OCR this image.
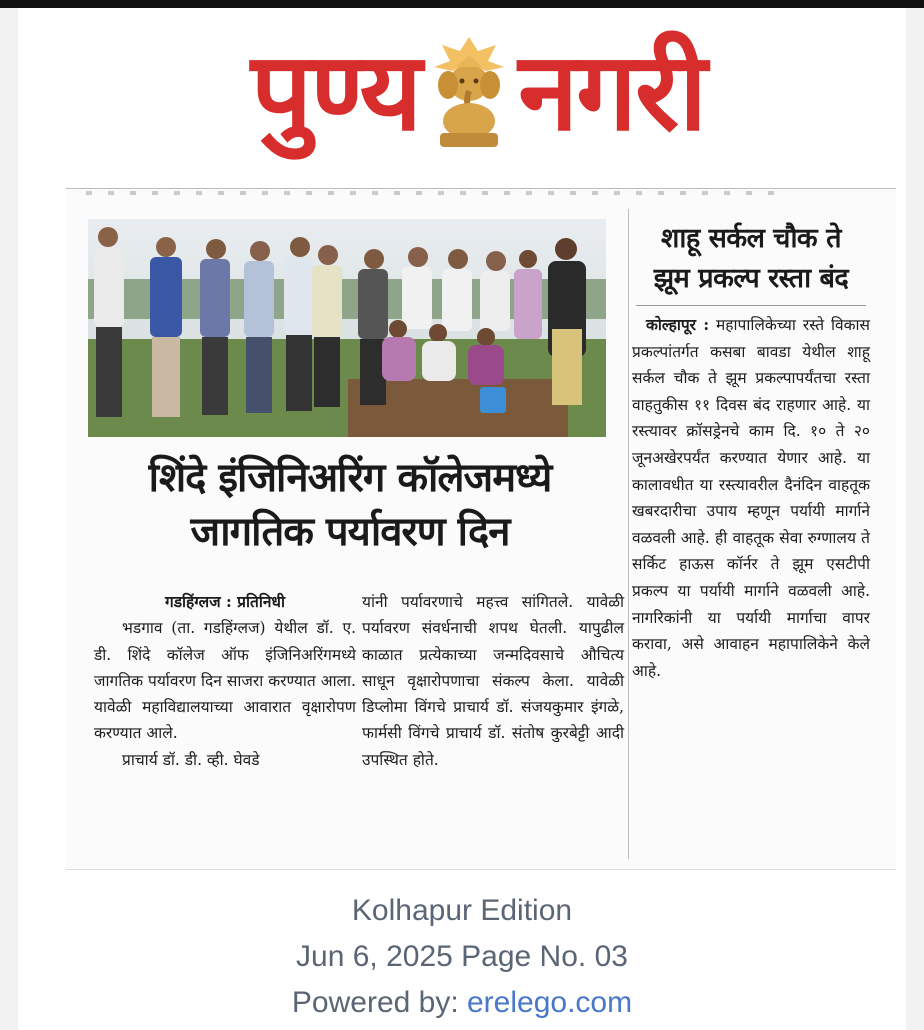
पुण्य नगरी
शिंदे इंजिनिअरिंग कॉलेजमध्ये
जागतिक पर्यावरण दिन
गडहिंग्लज : प्रतिनिधी
भडगाव (ता. गडहिंग्लज) येथील डॉ. ए. डी. शिंदे कॉलेज ऑफ इंजिनिअरिंगमध्ये जागतिक पर्यावरण दिन साजरा करण्यात आला. यावेळी महाविद्यालयाच्या आवारात वृक्षारोपण करण्यात आले.
प्राचार्य डॉ. डी. व्ही. घेवडे
यांनी पर्यावरणाचे महत्त्व सांगितले. यावेळी पर्यावरण संवर्धनाची शपथ घेतली. यापुढील काळात प्रत्येकाच्या जन्मदिवसाचे औचित्य साधून वृक्षारोपणाचा संकल्प केला. यावेळी डिप्लोमा विंगचे प्राचार्य डॉ. संजयकुमार इंगळे, फार्मसी विंगचे प्राचार्य डॉ. संतोष कुरबेट्टी आदी उपस्थित होते.
शाहू सर्कल चौक ते
झूम प्रकल्प रस्ता बंद
कोल्हापूर : महापालिकेच्या रस्ते विकास प्रकल्पांतर्गत कसबा बावडा येथील शाहू सर्कल चौक ते झूम प्रकल्पापर्यंतचा रस्ता वाहतुकीस ११ दिवस बंद राहणार आहे. या रस्त्यावर क्रॉसड्रेनचे काम दि. १० ते २० जूनअखेरपर्यंत करण्यात येणार आहे. या कालावधीत या रस्त्यावरील दैनंदिन वाहतूक खबरदारीचा उपाय म्हणून पर्यायी मार्गाने वळवली आहे. ही वाहतूक सेवा रुग्णालय ते सर्किट हाऊस कॉर्नर ते झूम एसटीपी प्रकल्प या पर्यायी मार्गाने वळवली आहे. नागरिकांनी या पर्यायी मार्गाचा वापर करावा, असे आवाहन महापालिकेने केले आहे.
Kolhapur Edition
Jun 6, 2025 Page No. 03
Powered by: erelego.com
